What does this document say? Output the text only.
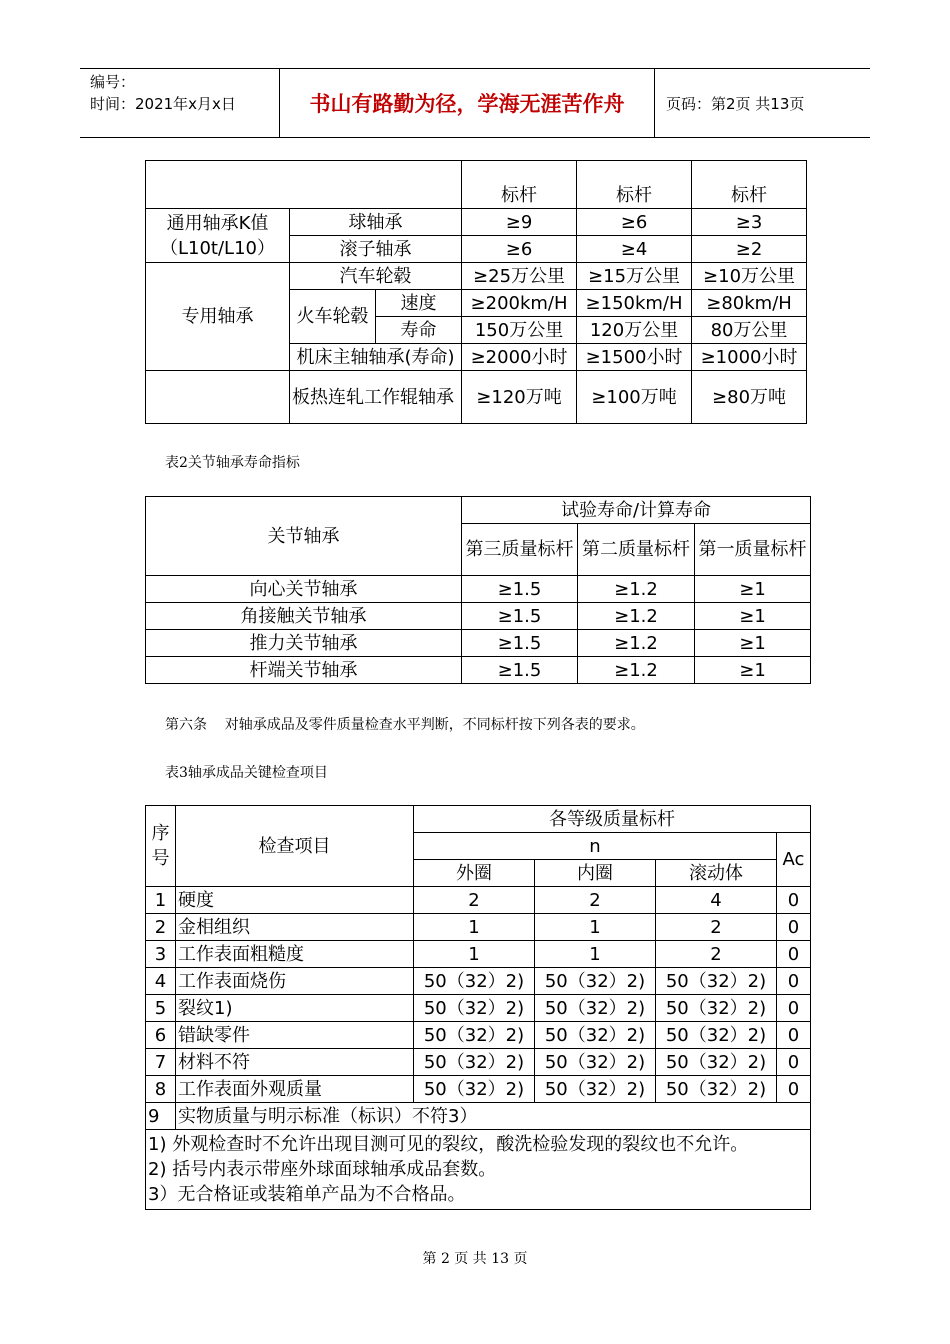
编号：
时间：2021年x月x日	书山有路勤为径，学海无涯苦作舟	页码：第2页 共13页
			标杆	标杆	标杆
通用轴承K值（L10t/L10）	球轴承		≥9	≥6	≥3
	滚子轴承		≥6	≥4	≥2
专用轴承	汽车轮毂		≥25万公里	≥15万公里	≥10万公里
	火车轮毂	速度	≥200km/H	≥150km/H	≥80km/H
		寿命	150万公里	120万公里	80万公里
	机床主轴轴承(寿命)		≥2000小时	≥1500小时	≥1000小时
	板热连轧工作辊轴承		≥120万吨	≥100万吨	≥80万吨
表2关节轴承寿命指标
关节轴承	试验寿命/计算寿命		
	第三质量标杆	第二质量标杆	第一质量标杆
向心关节轴承	≥1.5	≥1.2	≥1
角接触关节轴承	≥1.5	≥1.2	≥1
推力关节轴承	≥1.5	≥1.2	≥1
杆端关节轴承	≥1.5	≥1.2	≥1
第六条    对轴承成品及零件质量检查水平判断，不同标杆按下列各表的要求。
表3轴承成品关键检查项目
序号	检查项目	各等级质量标杆			
		n			Ac
		外圈	内圈	滚动体	
1	硬度	2	2	4	0
2	金相组织	1	1	2	0
3	工作表面粗糙度	1	1	2	0
4	工作表面烧伤	50（32）2)	50（32）2)	50（32）2)	0
5	裂纹1)	50（32）2)	50（32）2)	50（32）2)	0
6	错缺零件	50（32）2)	50（32）2)	50（32）2)	0
7	材料不符	50（32）2)	50（32）2)	50（32）2)	0
8	工作表面外观质量	50（32）2)	50（32）2)	50（32）2)	0
9	实物质量与明示标准（标识）不符3）				

1) 外观检查时不允许出现目测可见的裂纹，酸洗检验发现的裂纹也不允许。
2) 括号内表示带座外球面球轴承成品套数。
3）无合格证或装箱单产品为不合格品。					
第 2 页 共 13 页
